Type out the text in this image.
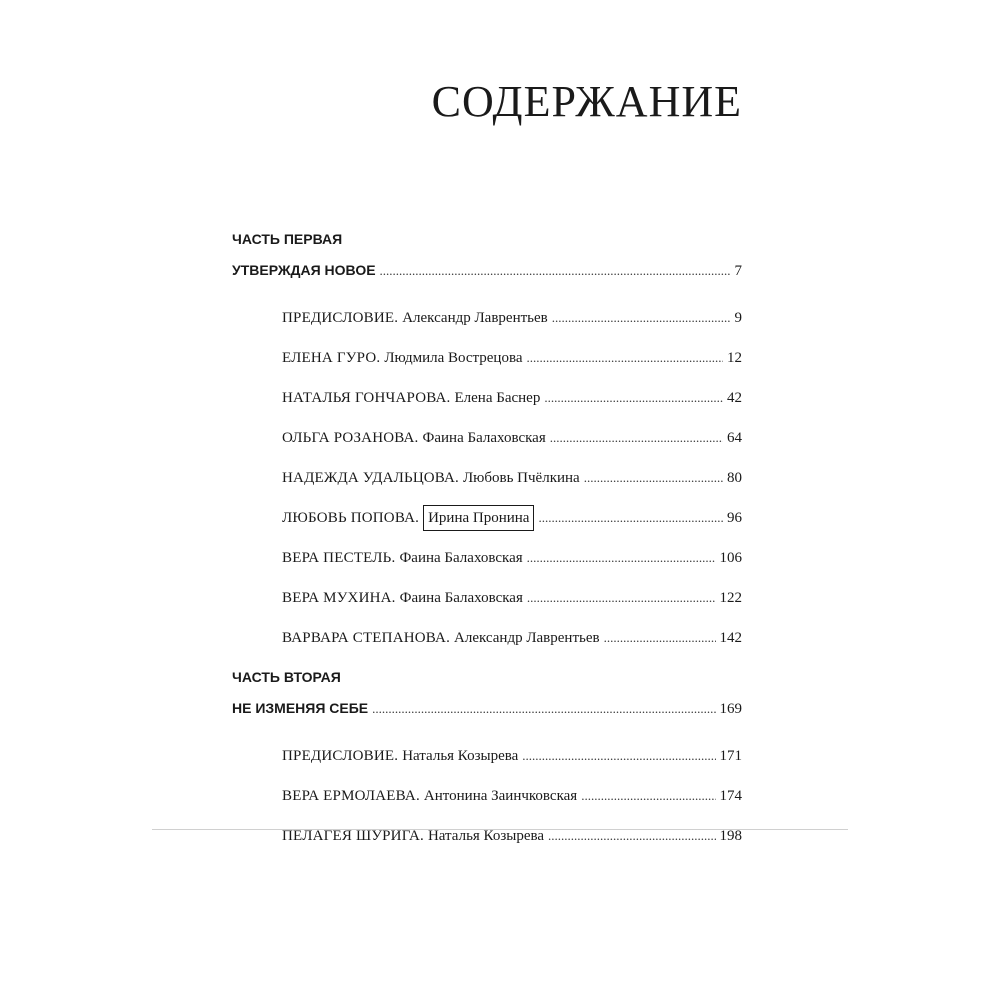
СОДЕРЖАНИЕ
ЧАСТЬ ПЕРВАЯ
УТВЕРЖДАЯ НОВОЕ .....	7
ПРЕДИСЛОВИЕ. Александр Лаврентьев .....	9
ЕЛЕНА ГУРО. Людмила Вострецова .....	12
НАТАЛЬЯ ГОНЧАРОВА. Елена Баснер .....	42
ОЛЬГА РОЗАНОВА. Фаина Балаховская .....	64
НАДЕЖДА УДАЛЬЦОВА. Любовь Пчёлкина .....	80
ЛЮБОВЬ ПОПОВА. Ирина Пронина .....	96
ВЕРА ПЕСТЕЛЬ. Фаина Балаховская .....	106
ВЕРА МУХИНА. Фаина Балаховская .....	122
ВАРВАРА СТЕПАНОВА. Александр Лаврентьев .....	142
ЧАСТЬ ВТОРАЯ
НЕ ИЗМЕНЯЯ СЕБЕ .....	169
ПРЕДИСЛОВИЕ. Наталья Козырева .....	171
ВЕРА ЕРМОЛАЕВА. Антонина Заинчковская .....	174
ПЕЛАГЕЯ ШУРИГА. Наталья Козырева .....	198
